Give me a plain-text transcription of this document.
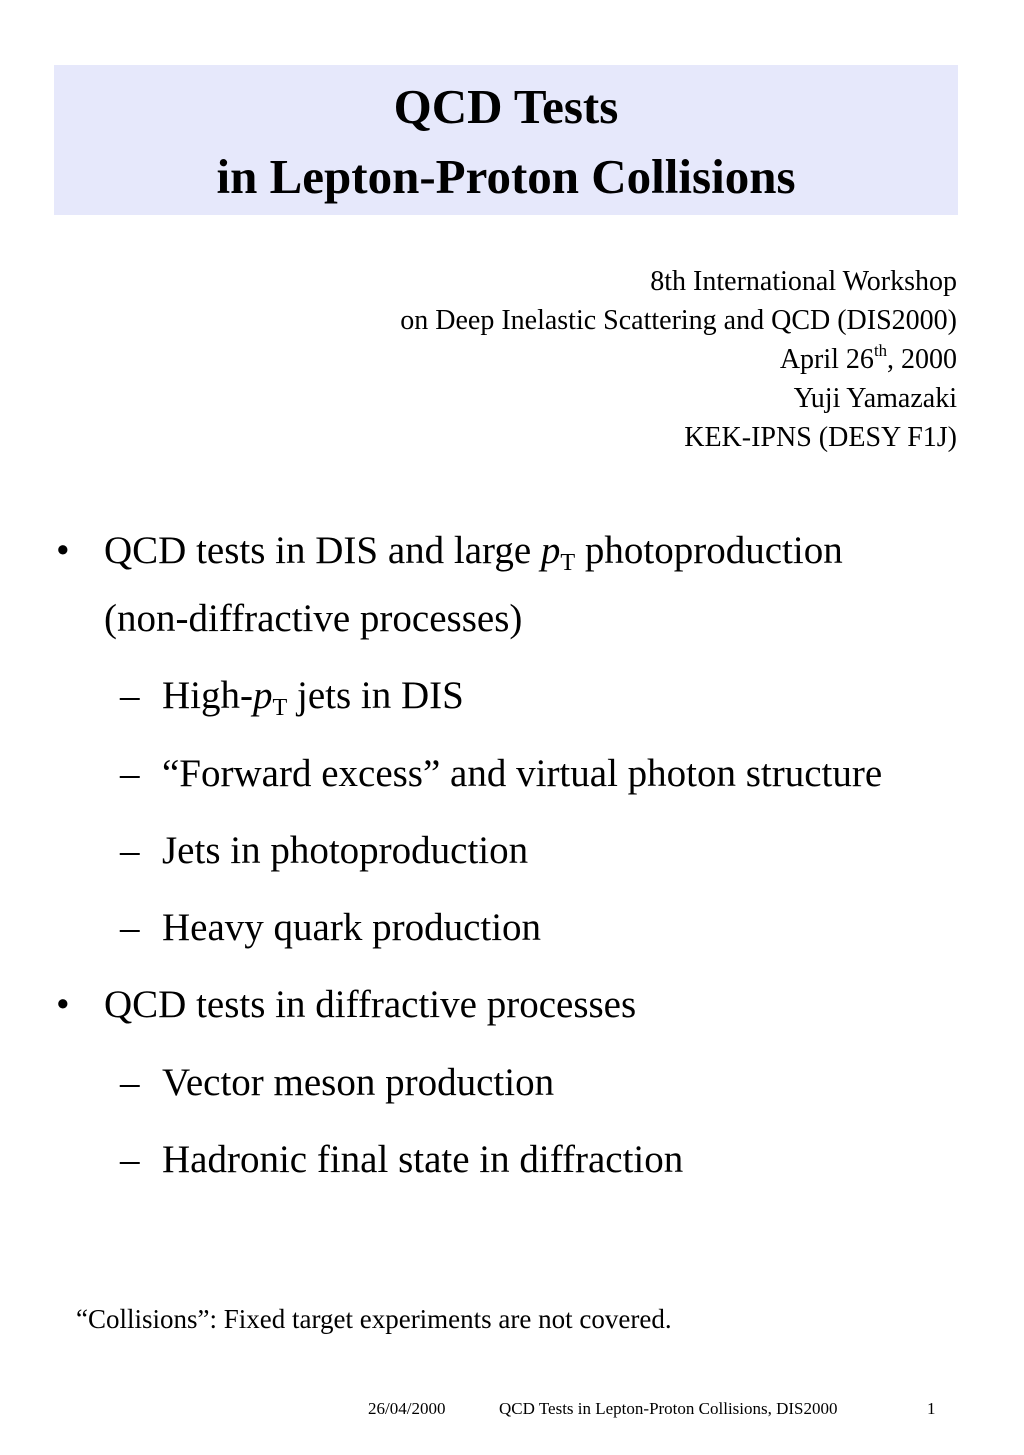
QCD Tests
in Lepton-Proton Collisions
8th International Workshop
on Deep Inelastic Scattering and QCD (DIS2000)
April 26th, 2000
Yuji Yamazaki
KEK-IPNS (DESY F1J)
• QCD tests in DIS and large $p_T$ photoproduction
(non-diffractive processes)
– High-$p_T$ jets in DIS
– “Forward excess” and virtual photon structure
– Jets in photoproduction
– Heavy quark production
• QCD tests in diffractive processes
– Vector meson production
– Hadronic final state in diffraction
“Collisions”: Fixed target experiments are not covered.
26/04/2000	QCD Tests in Lepton-Proton Collisions, DIS2000	1
